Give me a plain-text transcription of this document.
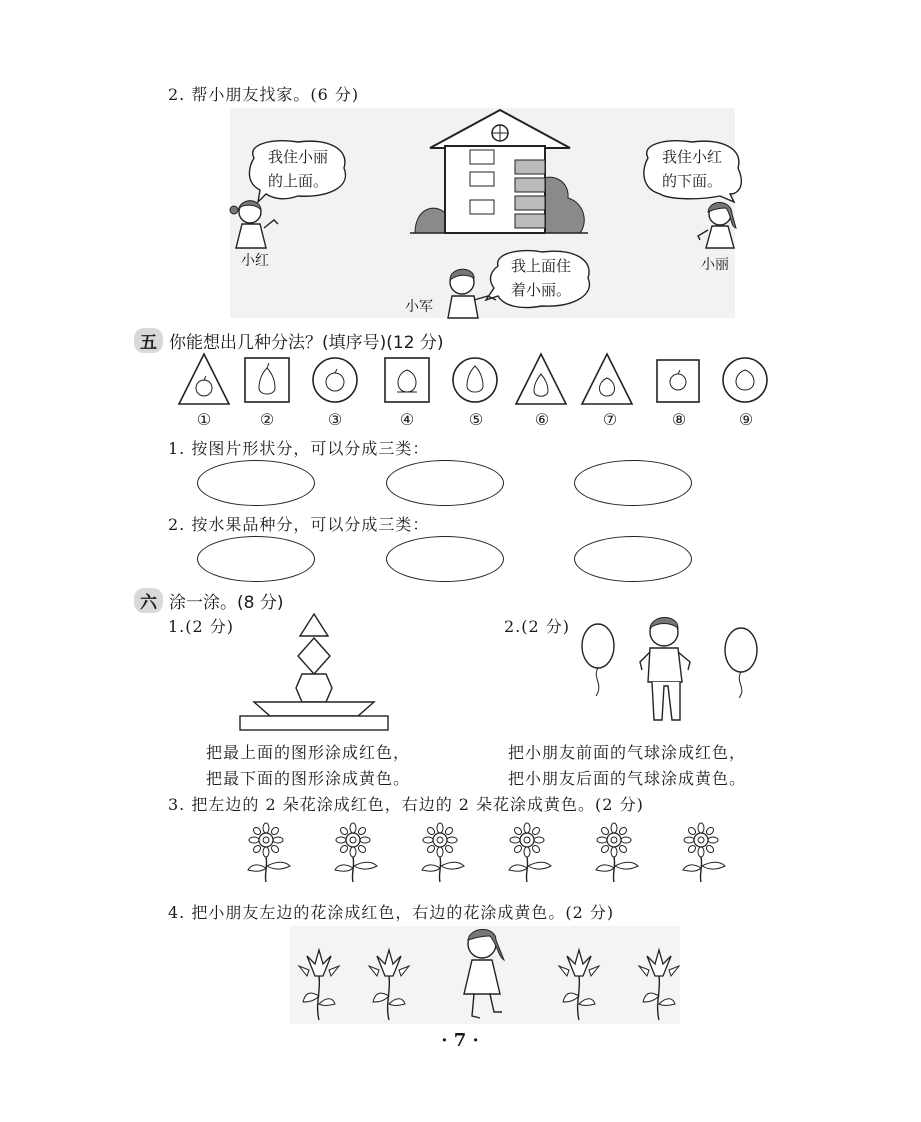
2. 帮小朋友找家。(6 分)
我住小丽
的上面。
我住小红
的下面。
我上面住
着小丽。
小红	小丽
小军
五 你能想出几种分法？(填序号)(12 分)
①	②	③	④	⑤	⑥	⑦	⑧	⑨
1. 按图片形状分，可以分成三类：
2. 按水果品种分，可以分成三类：
六 涂一涂。(8 分)
1.(2 分)	2.(2 分)
把最上面的图形涂成红色，
把最下面的图形涂成黄色。
把小朋友前面的气球涂成红色，
把小朋友后面的气球涂成黄色。
3. 把左边的 2 朵花涂成红色，右边的 2 朵花涂成黄色。(2 分)
4. 把小朋友左边的花涂成红色，右边的花涂成黄色。(2 分)
· 7 ·
